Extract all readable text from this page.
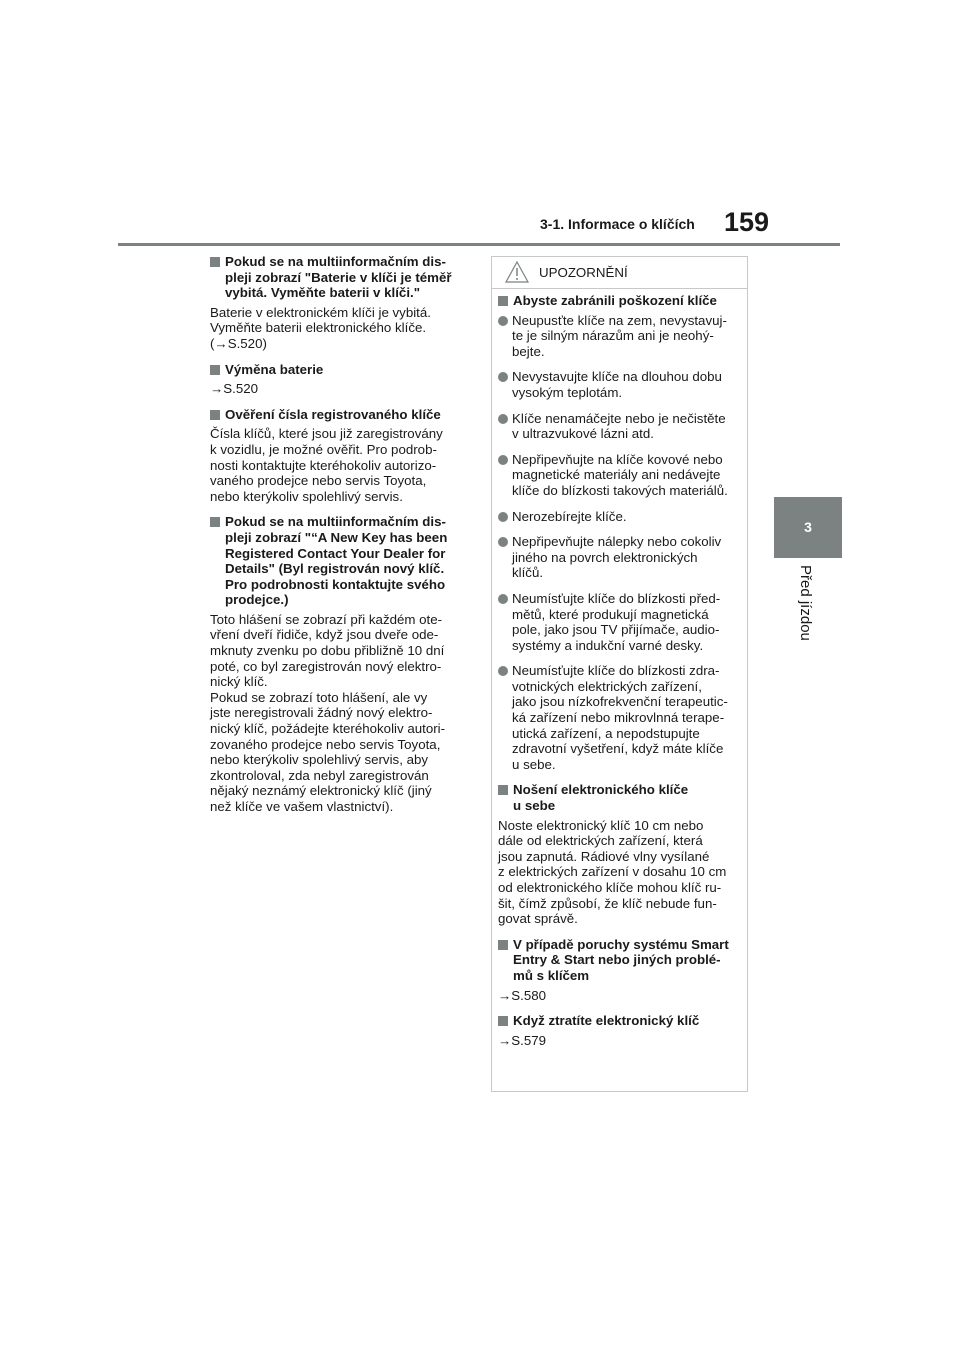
3-1. Informace o klíčích 159
3
Před jízdou
Pokud se na multiinformačním dis-
pleji zobrazí "Baterie v klíči je téměř
vybitá. Vyměňte baterii v klíči."
Baterie v elektronickém klíči je vybitá.
Vyměňte baterii elektronického klíče.
(→S.520)
Výměna baterie
→S.520
Ověření čísla registrovaného klíče
Čísla klíčů, které jsou již zaregistrovány
k vozidlu, je možné ověřit. Pro podrob-
nosti kontaktujte kteréhokoliv autorizo-
vaného prodejce nebo servis Toyota,
nebo kterýkoliv spolehlivý servis.
Pokud se na multiinformačním dis-
pleji zobrazí "“A New Key has been
Registered Contact Your Dealer for
Details" (Byl registrován nový klíč.
Pro podrobnosti kontaktujte svého
prodejce.)
Toto hlášení se zobrazí při každém ote-
vření dveří řidiče, když jsou dveře ode-
mknuty zvenku po dobu přibližně 10 dní
poté, co byl zaregistrován nový elektro-
nický klíč.
Pokud se zobrazí toto hlášení, ale vy
jste neregistrovali žádný nový elektro-
nický klíč, požádejte kteréhokoliv autori-
zovaného prodejce nebo servis Toyota,
nebo kterýkoliv spolehlivý servis, aby
zkontroloval, zda nebyl zaregistrován
nějaký neznámý elektronický klíč (jiný
než klíče ve vašem vlastnictví).
UPOZORNĚNÍ
Abyste zabránili poškození klíče
Neupusťte klíče na zem, nevystavuj-
te je silným nárazům ani je neohý-
bejte.
Nevystavujte klíče na dlouhou dobu
vysokým teplotám.
Klíče nenamáčejte nebo je nečistěte
v ultrazvukové lázni atd.
Nepřipevňujte na klíče kovové nebo
magnetické materiály ani nedávejte
klíče do blízkosti takových materiálů.
Nerozebírejte klíče.
Nepřipevňujte nálepky nebo cokoliv
jiného na povrch elektronických
klíčů.
Neumísťujte klíče do blízkosti před-
mětů, které produkují magnetická
pole, jako jsou TV přijímače, audio-
systémy a indukční varné desky.
Neumísťujte klíče do blízkosti zdra-
votnických elektrických zařízení,
jako jsou nízkofrekvenční terapeutic-
ká zařízení nebo mikrovlnná terape-
utická zařízení, a nepodstupujte
zdravotní vyšetření, když máte klíče
u sebe.
Nošení elektronického klíče
u sebe
Noste elektronický klíč 10 cm nebo
dále od elektrických zařízení, která
jsou zapnutá. Rádiové vlny vysílané
z elektrických zařízení v dosahu 10 cm
od elektronického klíče mohou klíč ru-
šit, čímž způsobí, že klíč nebude fun-
govat správě.
V případě poruchy systému Smart
Entry & Start nebo jiných problé-
mů s klíčem
→S.580
Když ztratíte elektronický klíč
→S.579
